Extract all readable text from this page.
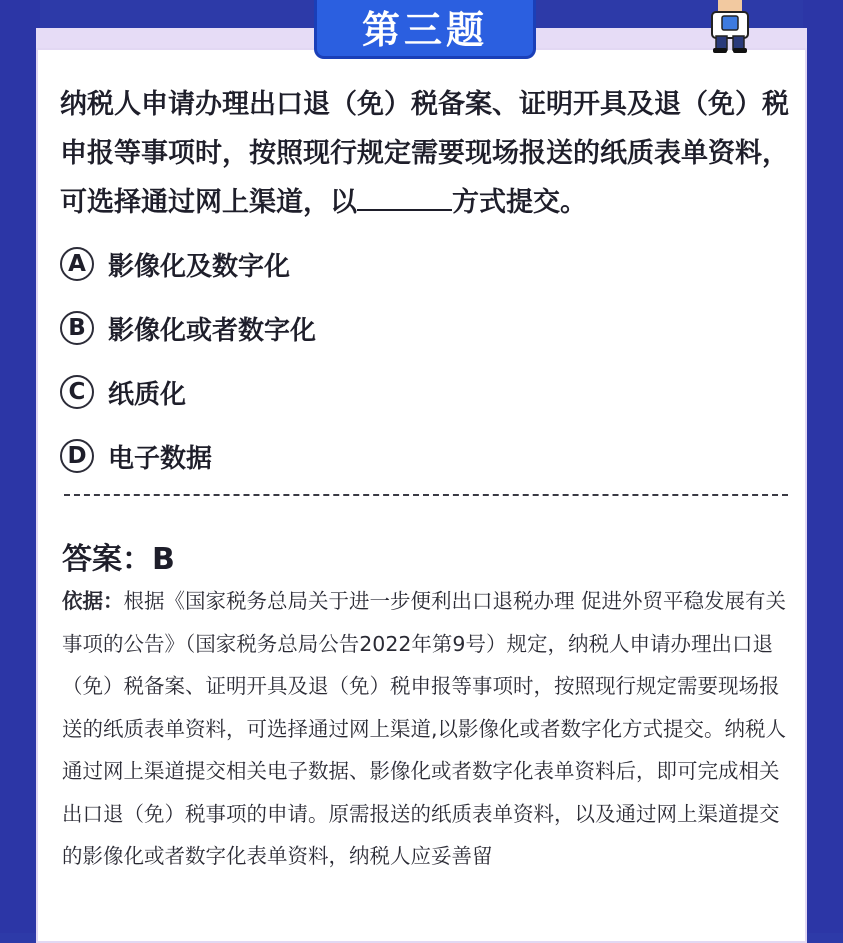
第三题
纳税人申请办理出口退（免）税备案、证明开具及退（免）税申报等事项时，按照现行规定需要现场报送的纸质表单资料，可选择通过网上渠道，以	方式提交。
A 影像化及数字化
B 影像化或者数字化
C 纸质化
D 电子数据
答案：B
依据：根据《国家税务总局关于进一步便利出口退税办理 促进外贸平稳发展有关事项的公告》（国家税务总局公告2022年第9号）规定，纳税人申请办理出口退（免）税备案、证明开具及退（免）税申报等事项时，按照现行规定需要现场报送的纸质表单资料，可选择通过网上渠道,以影像化或者数字化方式提交。纳税人通过网上渠道提交相关电子数据、影像化或者数字化表单资料后，即可完成相关出口退（免）税事项的申请。原需报送的纸质表单资料，以及通过网上渠道提交的影像化或者数字化表单资料，纳税人应妥善留
